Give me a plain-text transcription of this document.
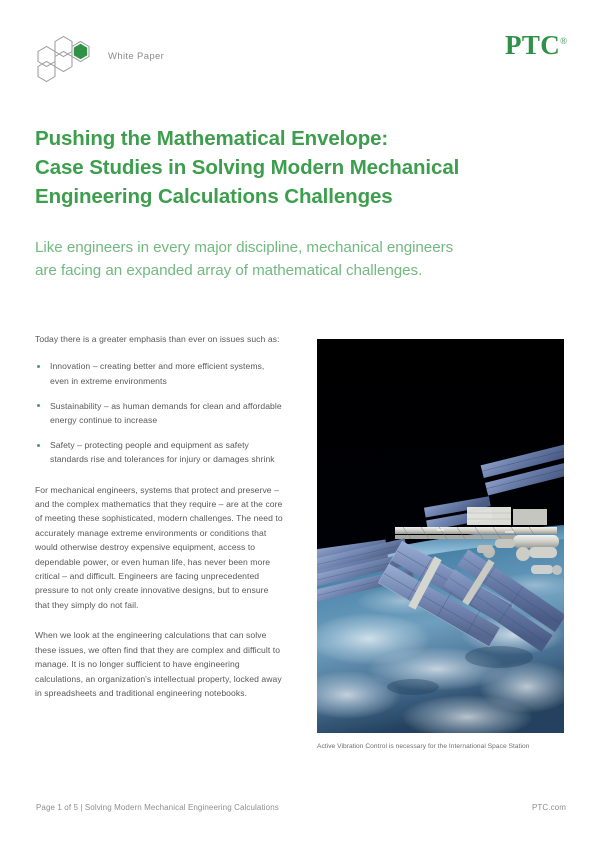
White Paper	PTC®
Pushing the Mathematical Envelope:
Case Studies in Solving Modern Mechanical
Engineering Calculations Challenges
Like engineers in every major discipline, mechanical engineers
are facing an expanded array of mathematical challenges.

Today there is a greater emphasis than ever on issues such as:

Innovation – creating better and more efficient systems, even in extreme environments
Sustainability – as human demands for clean and affordable energy continue to increase
Safety – protecting people and equipment as safety standards rise and tolerances for injury or damages shrink

For mechanical engineers, systems that protect and preserve – and the complex mathematics that they require – are at the core of meeting these sophisticated, modern challenges. The need to accurately manage extreme environments or conditions that would otherwise destroy expensive equipment, access to dependable power, or even human life, has never been more critical – and difficult. Engineers are facing unprecedented pressure to not only create innovative designs, but to ensure that they simply do not fail.

When we look at the engineering calculations that can solve these issues, we often find that they are complex and difficult to manage. It is no longer sufficient to have engineering calculations, an organization's intellectual property, locked away in spreadsheets and traditional engineering notebooks.

Active Vibration Control is necessary for the International Space Station

Page 1 of 5 | Solving Modern Mechanical Engineering Calculations	PTC.com
